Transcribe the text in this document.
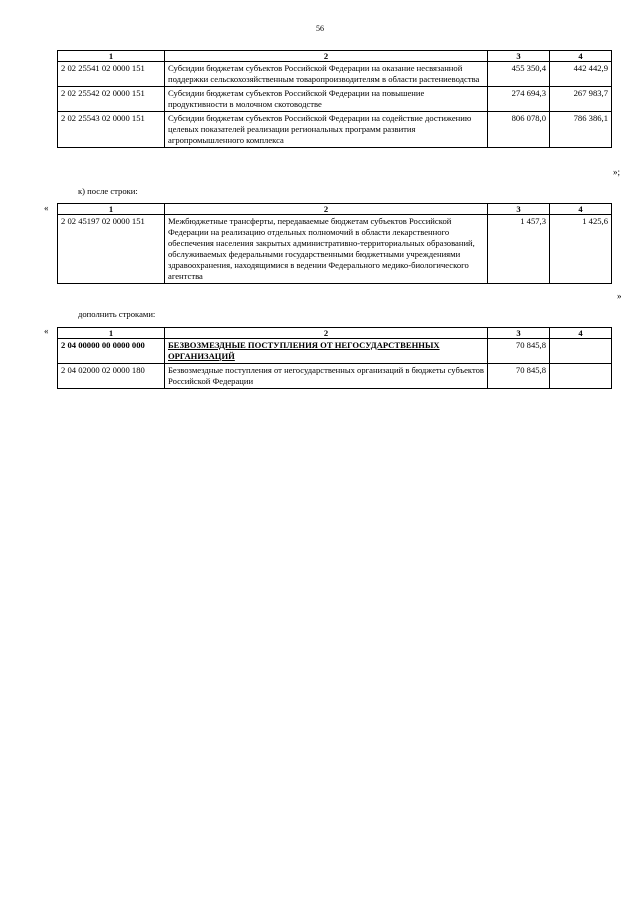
56
1	2	3	4
2 02 25541 02 0000 151	Субсидии бюджетам субъектов Российской Федерации на оказание несвязанной поддержки сельскохозяйственным товаропроизводителям в области растениеводства	455 350,4	442 442,9
2 02 25542 02 0000 151	Субсидии бюджетам субъектов Российской Федерации на повышение продуктивности в молочном скотоводстве	274 694,3	267 983,7
2 02 25543 02 0000 151	Субсидии бюджетам субъектов Российской Федерации на содействие достижению целевых показателей реализации региональных программ развития агропромышленного комплекса	806 078,0	786 386,1
»;
к) после строки:
«	1	2	3	4
2 02 45197 02 0000 151	Межбюджетные трансферты, передаваемые бюджетам субъектов Российской Федерации на реализацию отдельных полномочий в области лекарственного обеспечения населения закрытых административно-территориальных образований, обслуживаемых федеральными государственными бюджетными учреждениями здравоохранения, находящимися в ведении Федерального медико-биологического агентства	1 457,3	1 425,6
»
дополнить строками:
«	1	2	3	4
2 04 00000 00 0000 000	БЕЗВОЗМЕЗДНЫЕ ПОСТУПЛЕНИЯ ОТ НЕГОСУДАРСТВЕННЫХ ОРГАНИЗАЦИЙ	70 845,8	
2 04 02000 02 0000 180	Безвозмездные поступления от негосударственных организаций в бюджеты субъектов Российской Федерации	70 845,8	
